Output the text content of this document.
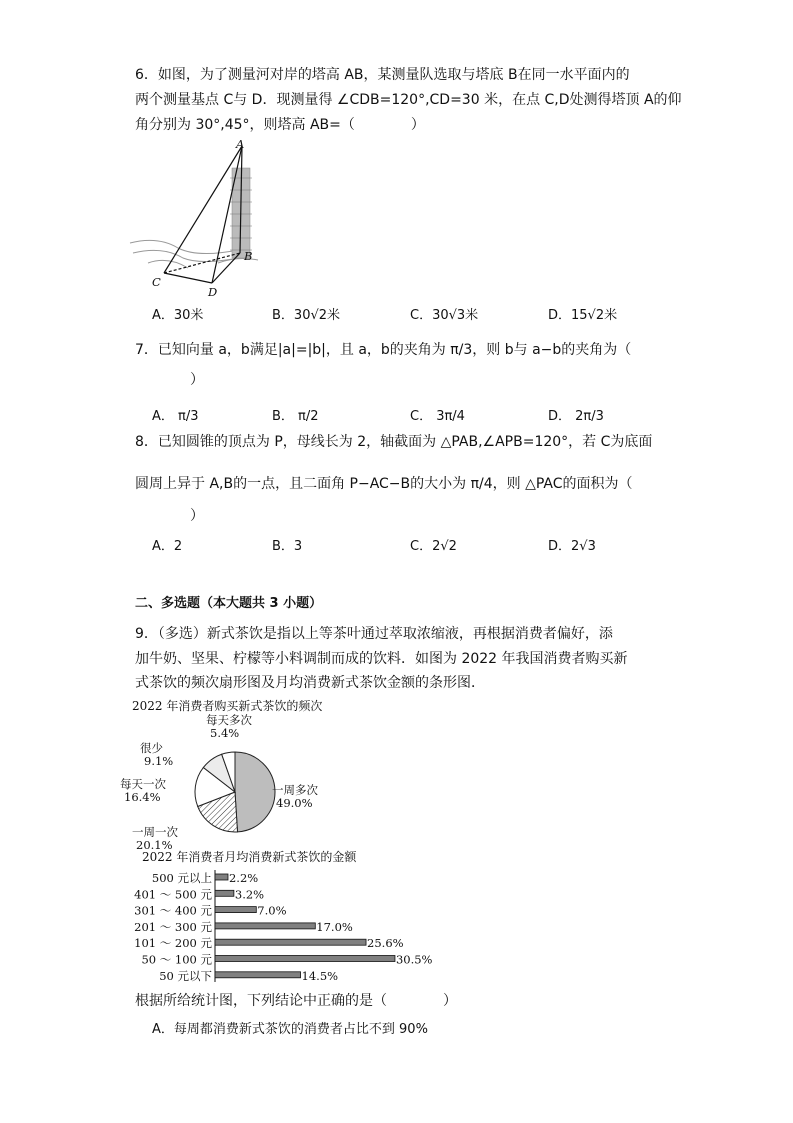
6．如图，为了测量河对岸的塔高 AB，某测量队选取与塔底 B在同一水平面内的
两个测量基点 C与 D．现测量得 ∠CDB=120°,CD=30 米，在点 C,D处测得塔顶 A的仰
角分别为 30°,45°，则塔高 AB=（　　　　）
A
B
C
D
A．30米	B．30√2米	C．30√3米	D．15√2米
7．已知向量 a，b满足|a|=|b|，且 a，b的夹角为 π/3，则 b与 a−b的夹角为（
）
A． π/3	B． π/2	C． 3π/4	D． 2π/3
8．已知圆锥的顶点为 P，母线长为 2，轴截面为 △PAB,∠APB=120°，若 C为底面
圆周上异于 A,B的一点，且二面角 P−AC−B的大小为 π/4，则 △PAC的面积为（
）
A．2	B．3	C．2√2	D．2√3
二、多选题（本大题共 3 小题）
9．（多选）新式茶饮是指以上等茶叶通过萃取浓缩液，再根据消费者偏好，添
加牛奶、坚果、柠檬等小料调制而成的饮料．如图为 2022 年我国消费者购买新
式茶饮的频次扇形图及月均消费新式茶饮金额的条形图．
2022 年消费者购买新式茶饮的频次
一周多次
49.0%
一周一次
20.1%
每天一次
16.4%
很少
9.1%
每天多次
5.4%
2022 年消费者月均消费新式茶饮的金额
500 元以上 2.2%
401 ～ 500 元 3.2%
301 ～ 400 元	7.0%
201 ～ 300 元	17.0%
101 ～ 200 元	25.6%
50 ～ 100 元	30.5%
50 元以下	14.5%
根据所给统计图，下列结论中正确的是（　　　　）
A．每周都消费新式茶饮的消费者占比不到 90%
